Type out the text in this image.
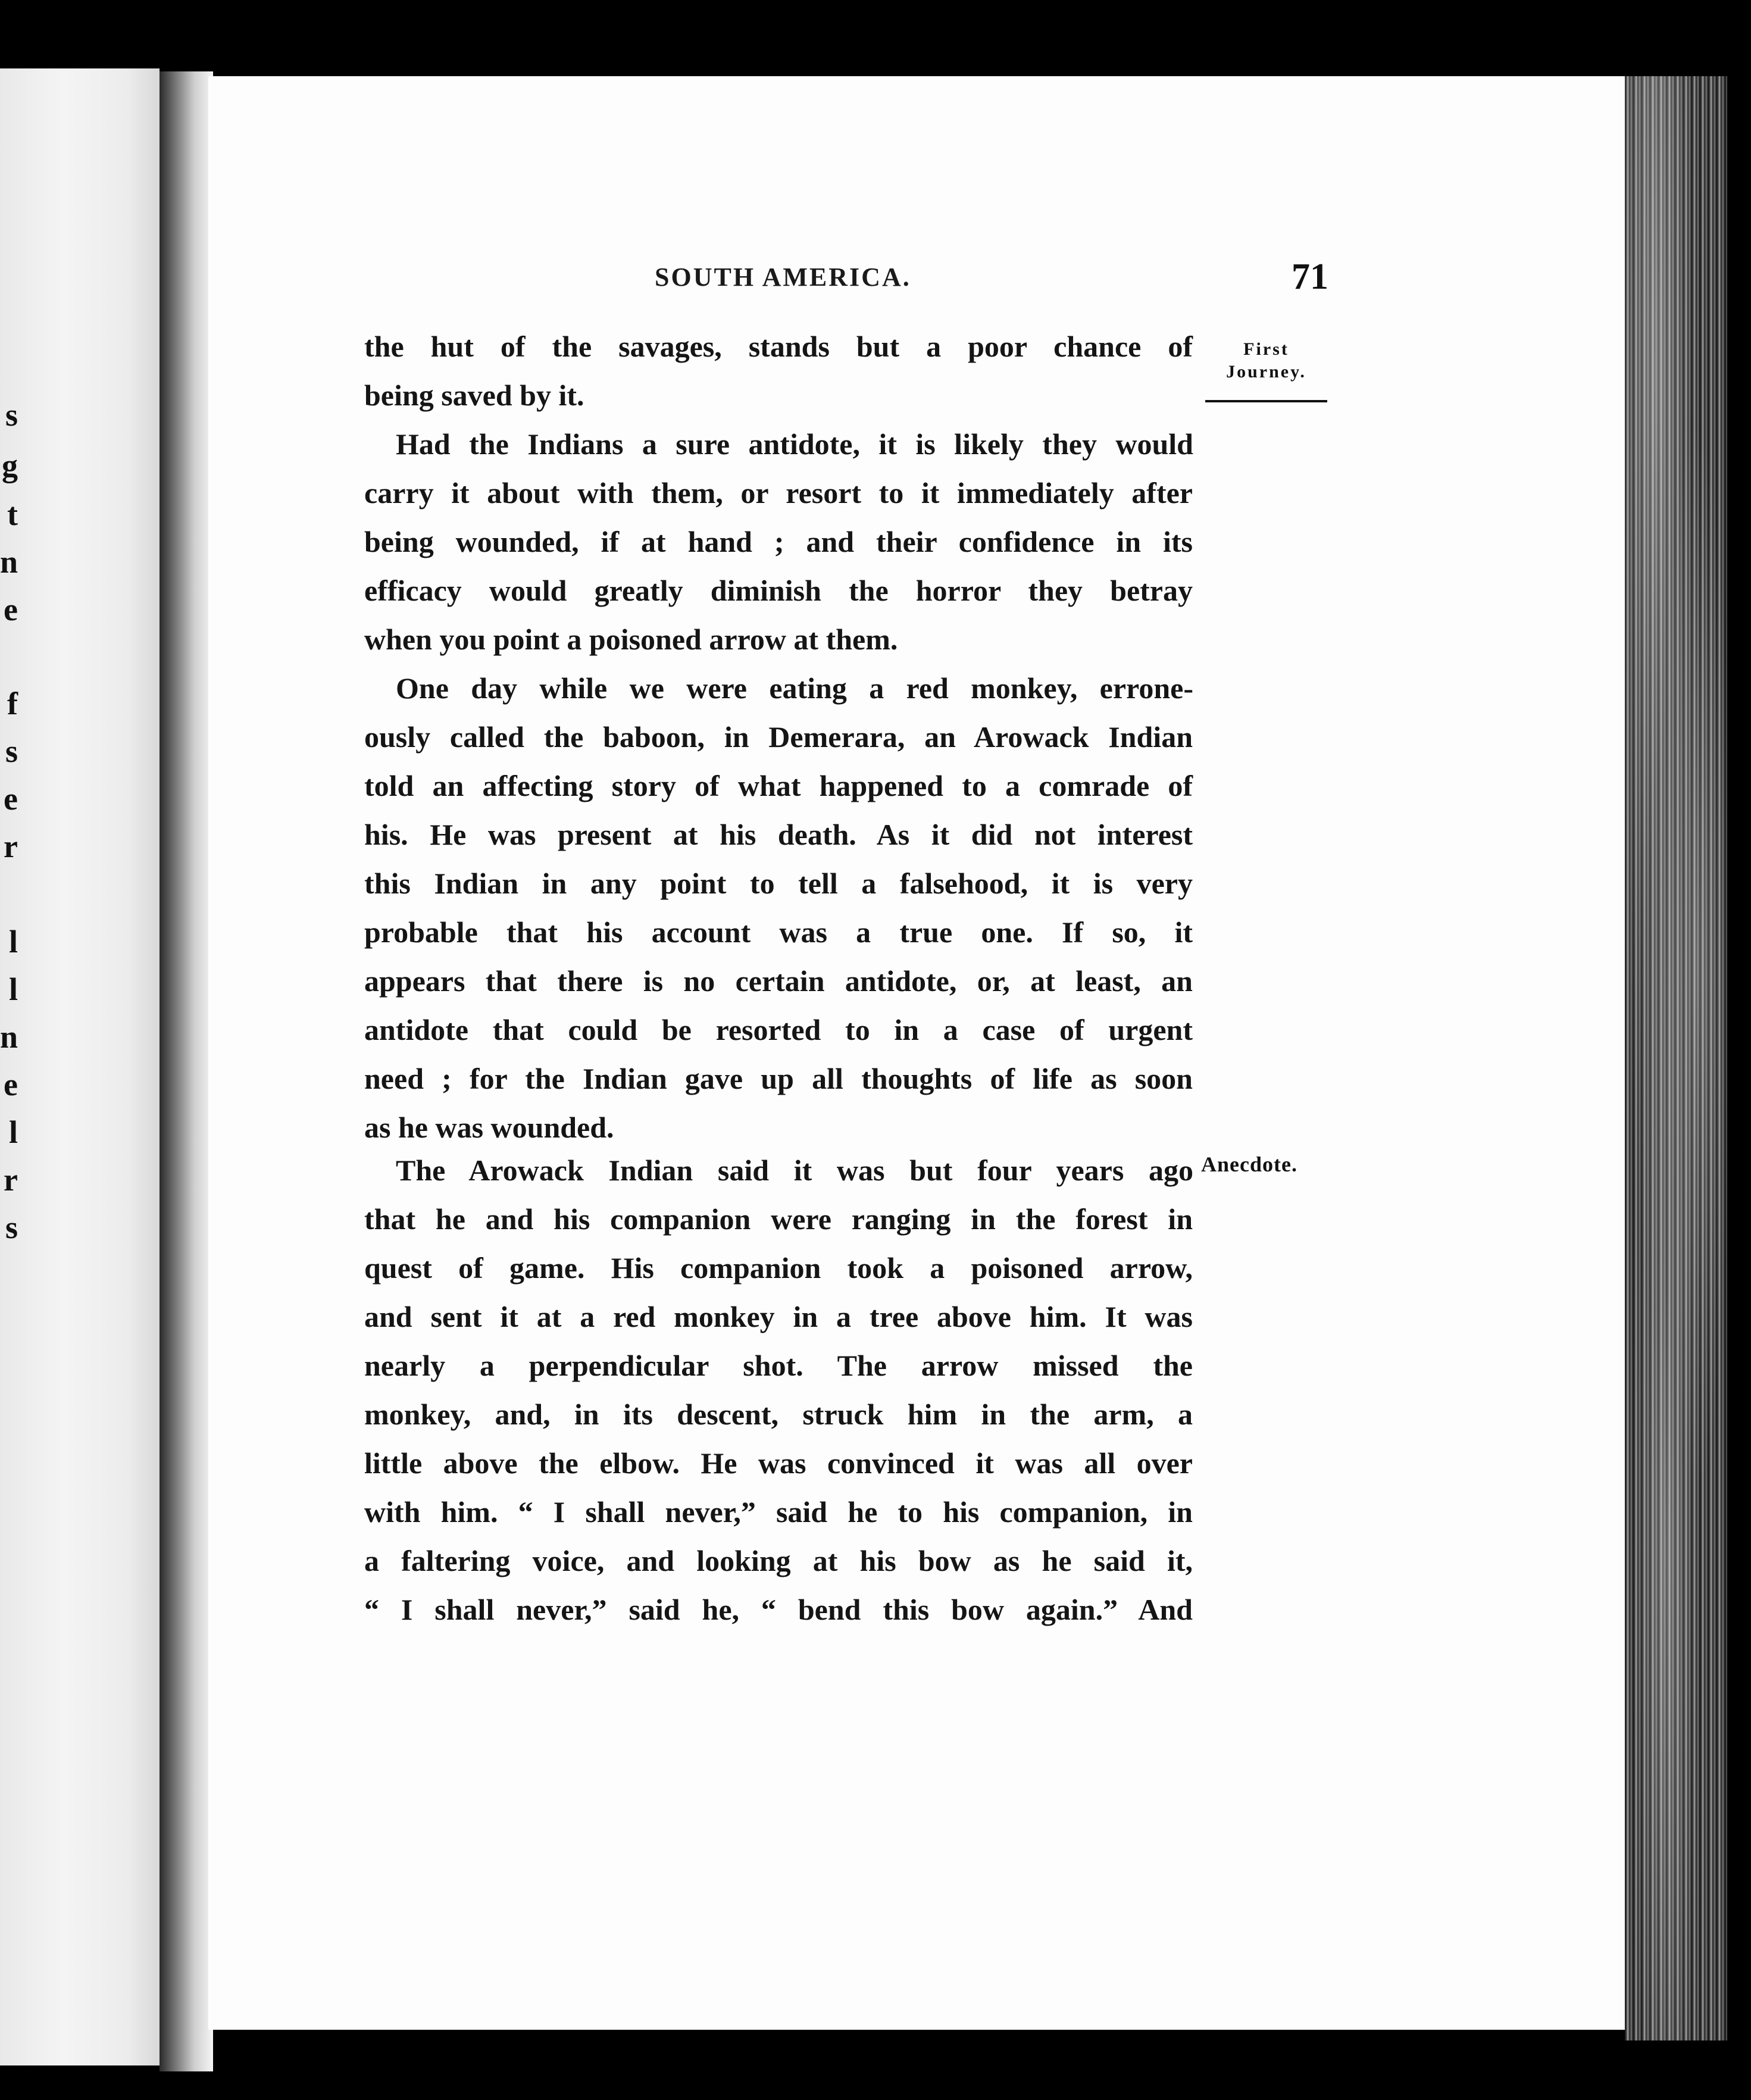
s
g
t
n
e
f
s
e
r
l
l
n
e
l
r
s
SOUTH AMERICA.	71
First
Journey.
Anecdote.
the hut of the savages, stands but a poor chance of
being saved by it.
Had the Indians a sure antidote, it is likely they would
carry it about with them, or resort to it immediately after
being wounded, if at hand ; and their confidence in its
efficacy would greatly diminish the horror they betray
when you point a poisoned arrow at them.
One day while we were eating a red monkey, errone-
ously called the baboon, in Demerara, an Arowack Indian
told an affecting story of what happened to a comrade of
his. He was present at his death. As it did not interest
this Indian in any point to tell a falsehood, it is very
probable that his account was a true one. If so, it
appears that there is no certain antidote, or, at least, an
antidote that could be resorted to in a case of urgent
need ; for the Indian gave up all thoughts of life as soon
as he was wounded.
The Arowack Indian said it was but four years ago
that he and his companion were ranging in the forest in
quest of game. His companion took a poisoned arrow,
and sent it at a red monkey in a tree above him. It was
nearly a perpendicular shot. The arrow missed the
monkey, and, in its descent, struck him in the arm, a
little above the elbow. He was convinced it was all over
with him. “ I shall never,” said he to his companion, in
a faltering voice, and looking at his bow as he said it,
“ I shall never,” said he, “ bend this bow again.” And
